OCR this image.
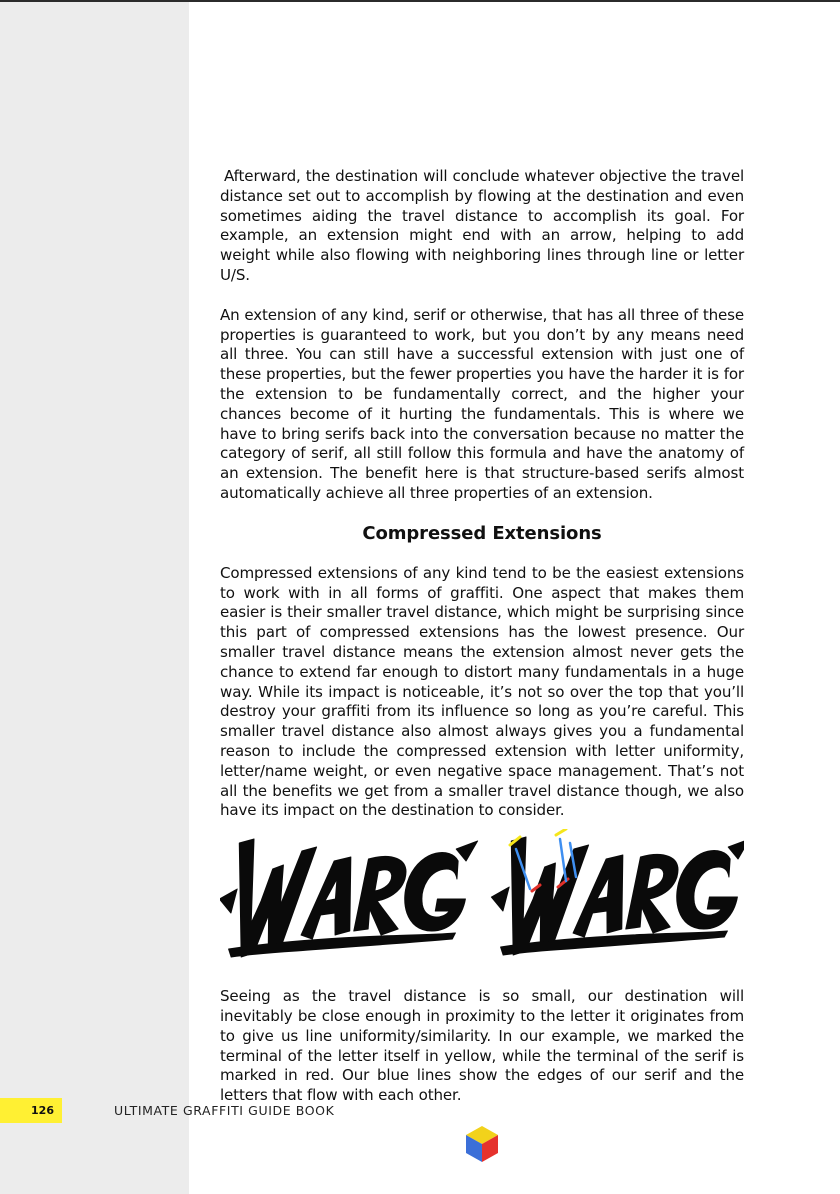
Afterward, the destination will conclude whatever objective the travel distance set out to accomplish by flowing at the destination and even sometimes aiding the travel distance to accomplish its goal. For example, an extension might end with an arrow, helping to add weight while also flowing with neighboring lines through line or letter U/S.

An extension of any kind, serif or otherwise, that has all three of these properties is guaranteed to work, but you don’t by any means need all three. You can still have a successful extension with just one of these properties, but the fewer properties you have the harder it is for the extension to be fundamentally correct, and the higher your chances become of it hurting the fundamentals. This is where we have to bring serifs back into the conversation because no matter the category of serif, all still follow this formula and have the anatomy of an extension. The benefit here is that structure-based serifs almost automatically achieve all three properties of an extension.

Compressed Extensions

Compressed extensions of any kind tend to be the easiest extensions to work with in all forms of graffiti. One aspect that makes them easier is their smaller travel distance, which might be surprising since this part of compressed extensions has the lowest presence. Our smaller travel distance means the extension almost never gets the chance to extend far enough to distort many fundamentals in a huge way. While its impact is noticeable, it’s not so over the top that you’ll destroy your graffiti from its influence so long as you’re careful. This smaller travel distance also almost always gives you a fundamental reason to include the compressed extension with letter uniformity, letter/name weight, or even negative space management. That’s not all the benefits we get from a smaller travel distance though, we also have its impact on the destination to consider.

Seeing as the travel distance is so small, our destination will inevitably be close enough in proximity to the letter it originates from to give us line uniformity/similarity. In our example, we marked the terminal of the letter itself in yellow, while the terminal of the serif is marked in red. Our blue lines show the edges of our serif and the letters that flow with each other.

126	ULTIMATE GRAFFITI GUIDE BOOK
